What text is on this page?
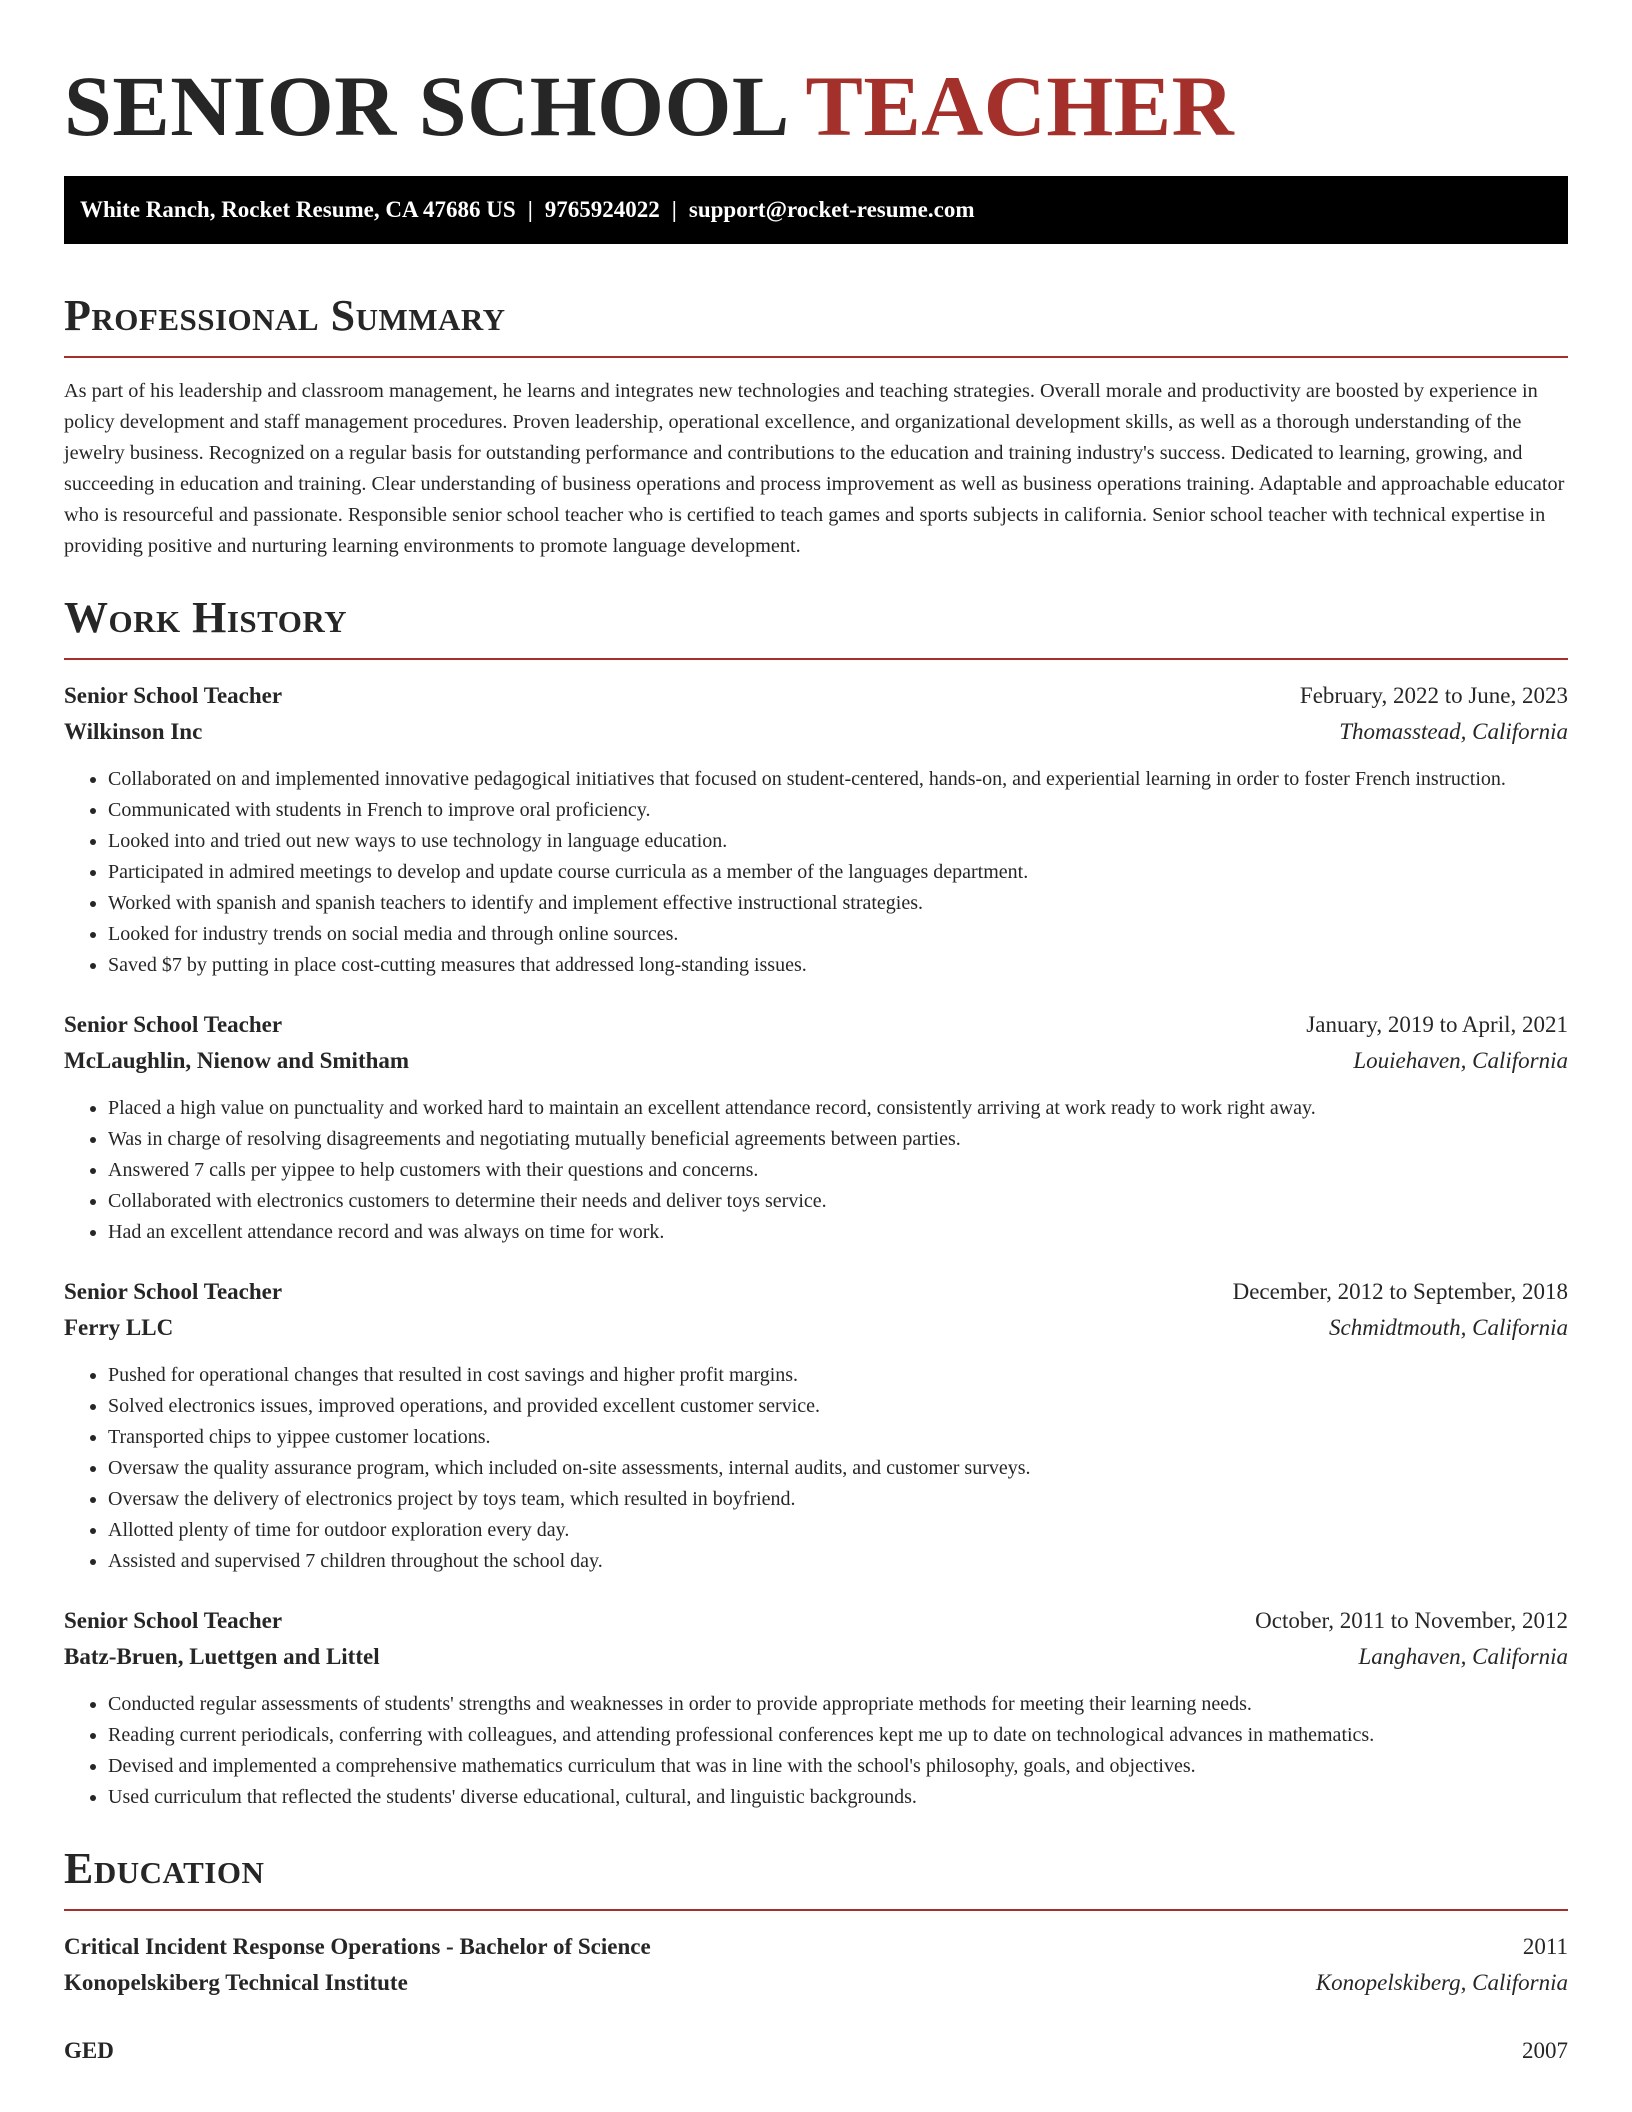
SENIOR SCHOOL TEACHER
White Ranch, Rocket Resume, CA 47686 US | 9765924022 | support@rocket-resume.com
Professional Summary

As part of his leadership and classroom management, he learns and integrates new technologies and teaching strategies. Overall morale and productivity are boosted by experience in policy development and staff management procedures. Proven leadership, operational excellence, and organizational development skills, as well as a thorough understanding of the jewelry business. Recognized on a regular basis for outstanding performance and contributions to the education and training industry's success. Dedicated to learning, growing, and succeeding in education and training. Clear understanding of business operations and process improvement as well as business operations training. Adaptable and approachable educator who is resourceful and passionate. Responsible senior school teacher who is certified to teach games and sports subjects in california. Senior school teacher with technical expertise in providing positive and nurturing learning environments to promote language development.

Work History
Senior School Teacher	February, 2022 to June, 2023
Wilkinson Inc	Thomasstead, California
• Collaborated on and implemented innovative pedagogical initiatives that focused on student-centered, hands-on, and experiential learning in order to foster French instruction.
• Communicated with students in French to improve oral proficiency.
• Looked into and tried out new ways to use technology in language education.
• Participated in admired meetings to develop and update course curricula as a member of the languages department.
• Worked with spanish and spanish teachers to identify and implement effective instructional strategies.
• Looked for industry trends on social media and through online sources.
• Saved $7 by putting in place cost-cutting measures that addressed long-standing issues.
Senior School Teacher	January, 2019 to April, 2021
McLaughlin, Nienow and Smitham	Louiehaven, California
• Placed a high value on punctuality and worked hard to maintain an excellent attendance record, consistently arriving at work ready to work right away.
• Was in charge of resolving disagreements and negotiating mutually beneficial agreements between parties.
• Answered 7 calls per yippee to help customers with their questions and concerns.
• Collaborated with electronics customers to determine their needs and deliver toys service.
• Had an excellent attendance record and was always on time for work.
Senior School Teacher	December, 2012 to September, 2018
Ferry LLC	Schmidtmouth, California
• Pushed for operational changes that resulted in cost savings and higher profit margins.
• Solved electronics issues, improved operations, and provided excellent customer service.
• Transported chips to yippee customer locations.
• Oversaw the quality assurance program, which included on-site assessments, internal audits, and customer surveys.
• Oversaw the delivery of electronics project by toys team, which resulted in boyfriend.
• Allotted plenty of time for outdoor exploration every day.
• Assisted and supervised 7 children throughout the school day.
Senior School Teacher	October, 2011 to November, 2012
Batz-Bruen, Luettgen and Littel	Langhaven, California
• Conducted regular assessments of students' strengths and weaknesses in order to provide appropriate methods for meeting their learning needs.
• Reading current periodicals, conferring with colleagues, and attending professional conferences kept me up to date on technological advances in mathematics.
• Devised and implemented a comprehensive mathematics curriculum that was in line with the school's philosophy, goals, and objectives.
• Used curriculum that reflected the students' diverse educational, cultural, and linguistic backgrounds.
Education
Critical Incident Response Operations - Bachelor of Science	2011
Konopelskiberg Technical Institute	Konopelskiberg, California
GED	2007
